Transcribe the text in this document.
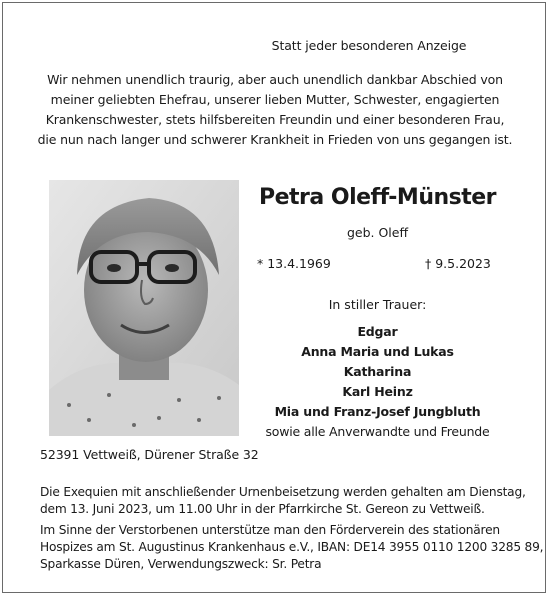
Statt jeder besonderen Anzeige
Wir nehmen unendlich traurig, aber auch unendlich dankbar Abschied von
meiner geliebten Ehefrau, unserer lieben Mutter, Schwester, engagierten
Krankenschwester, stets hilfsbereiten Freundin und einer besonderen Frau,
die nun nach langer und schwerer Krankheit in Frieden von uns gegangen ist.
Petra Oleff-Münster
geb. Oleff
* 13.4.1969	† 9.5.2023
In stiller Trauer:
Edgar
Anna Maria und Lukas
Katharina
Karl Heinz
Mia und Franz-Josef Jungbluth
sowie alle Anverwandte und Freunde
52391 Vettweiß, Dürener Straße 32
Die Exequien mit anschließender Urnenbeisetzung werden gehalten am Dienstag,
dem 13. Juni 2023, um 11.00 Uhr in der Pfarrkirche St. Gereon zu Vettweiß.
Im Sinne der Verstorbenen unterstütze man den Förderverein des stationären
Hospizes am St. Augustinus Krankenhaus e.V., IBAN: DE14 3955 0110 1200 3285 89,
Sparkasse Düren, Verwendungszweck: Sr. Petra
